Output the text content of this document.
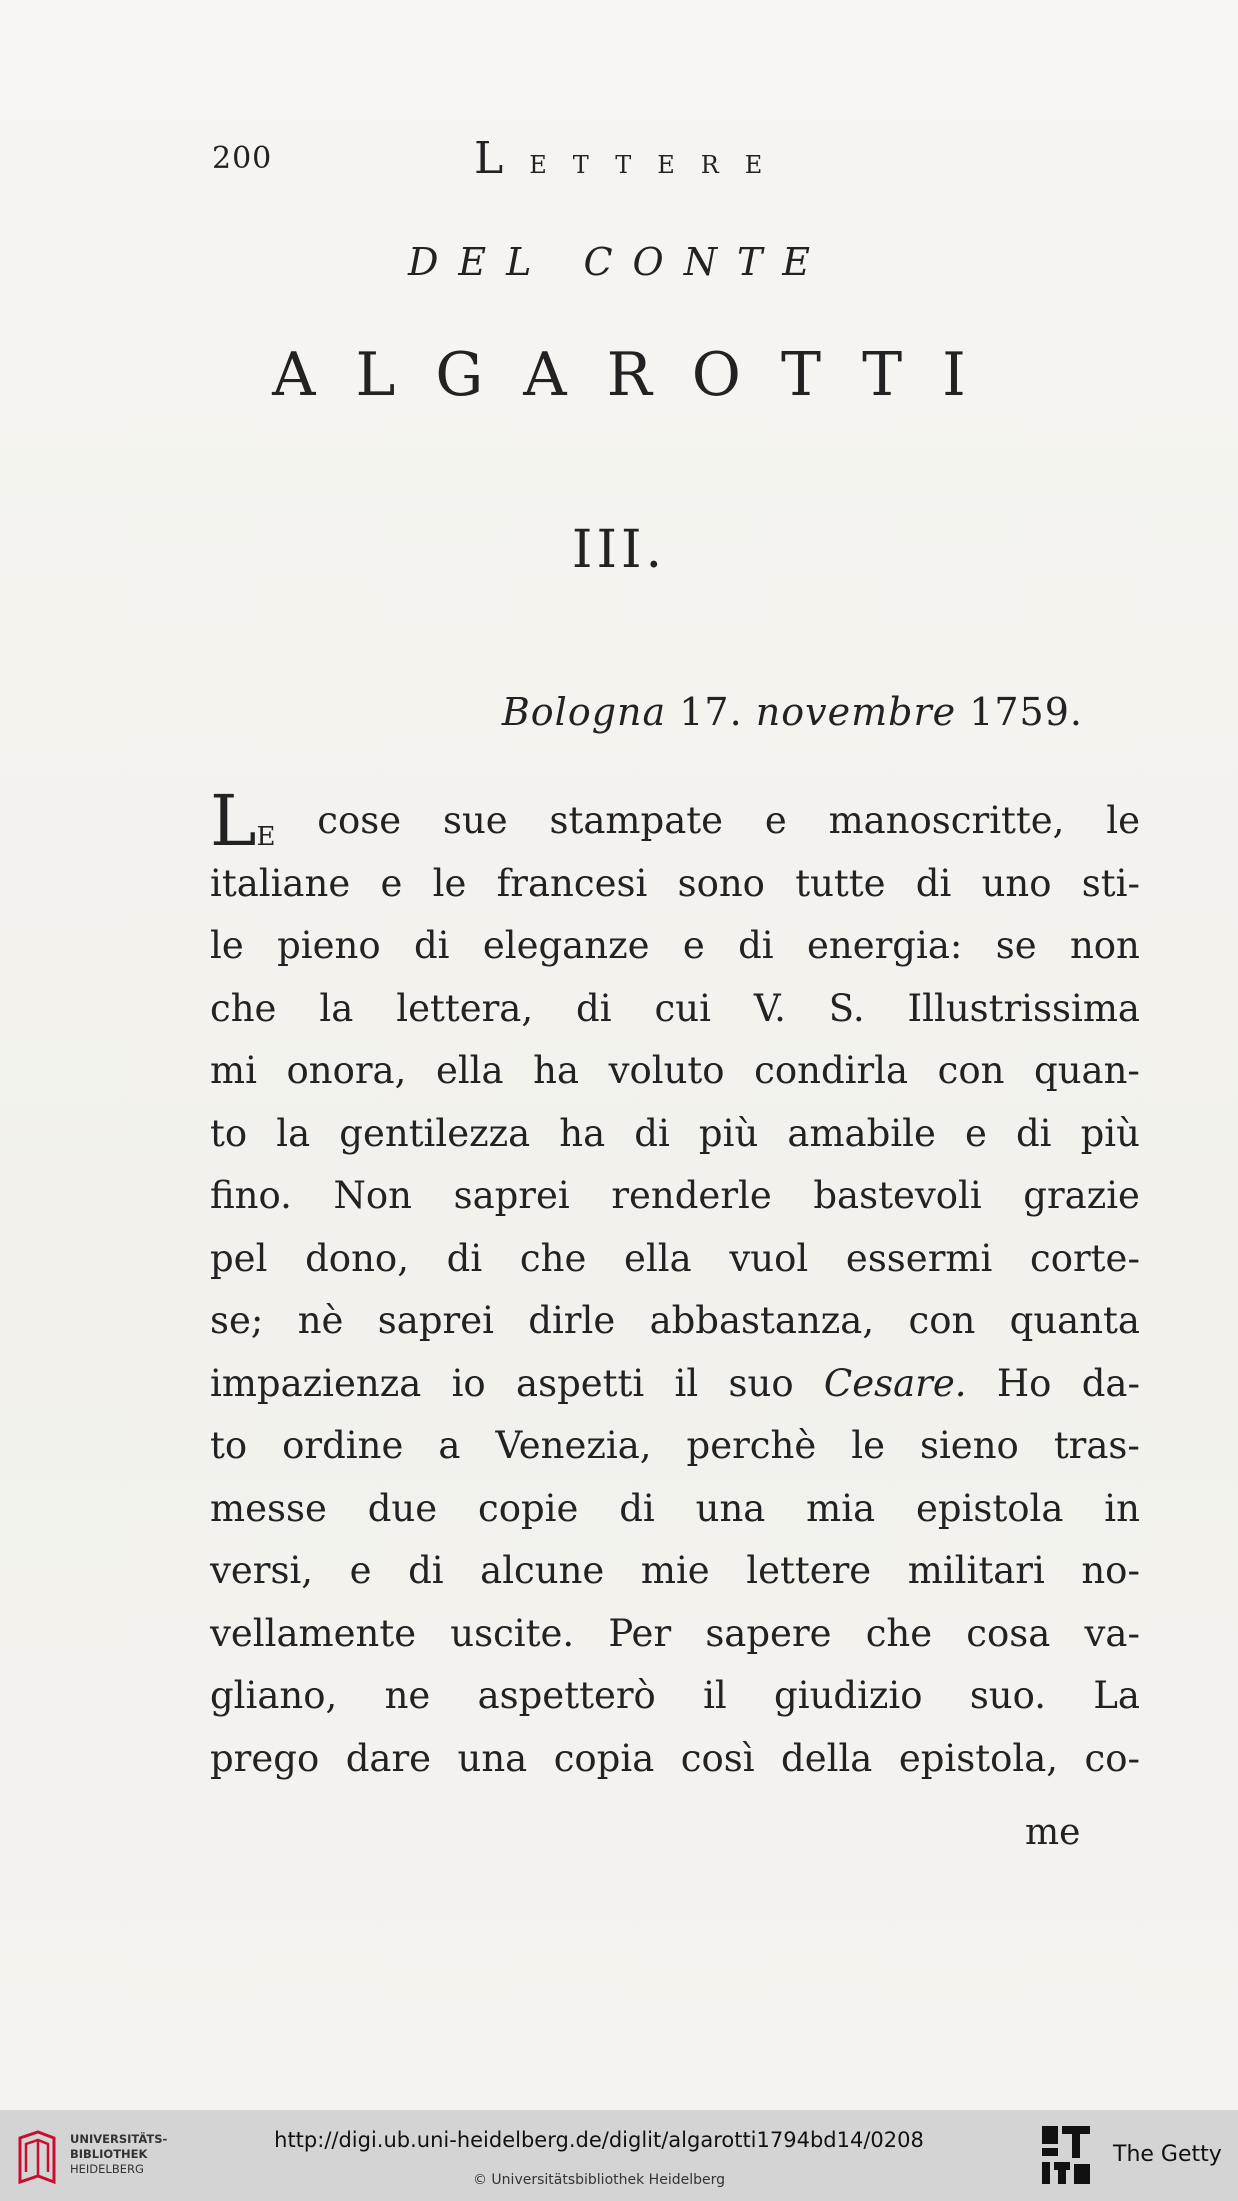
200	LETTERE
DEL CONTE
ALGAROTTI
III.
Bologna 17. novembre 1759.
LE cose sue stampate e manoscritte, le
italiane e le francesi sono tutte di uno sti-
le pieno di eleganze e di energia: se non
che la lettera, di cui V. S. Illustrissima
mi onora, ella ha voluto condirla con quan-
to la gentilezza ha di più amabile e di più
fino. Non saprei renderle bastevoli grazie
pel dono, di che ella vuol essermi corte-
se; nè saprei dirle abbastanza, con quanta
impazienza io aspetti il suo Cesare. Ho da-
to ordine a Venezia, perchè le sieno tras-
messe due copie di una mia epistola in
versi, e di alcune mie lettere militari no-
vellamente uscite. Per sapere che cosa va-
gliano, ne aspetterò il giudizio suo. La
prego dare una copia così della epistola, co-
me
UNIVERSITÄTS-
BIBLIOTHEK
HEIDELBERG
http://digi.ub.uni-heidelberg.de/diglit/algarotti1794bd14/0208
© Universitätsbibliothek Heidelberg
The Getty
